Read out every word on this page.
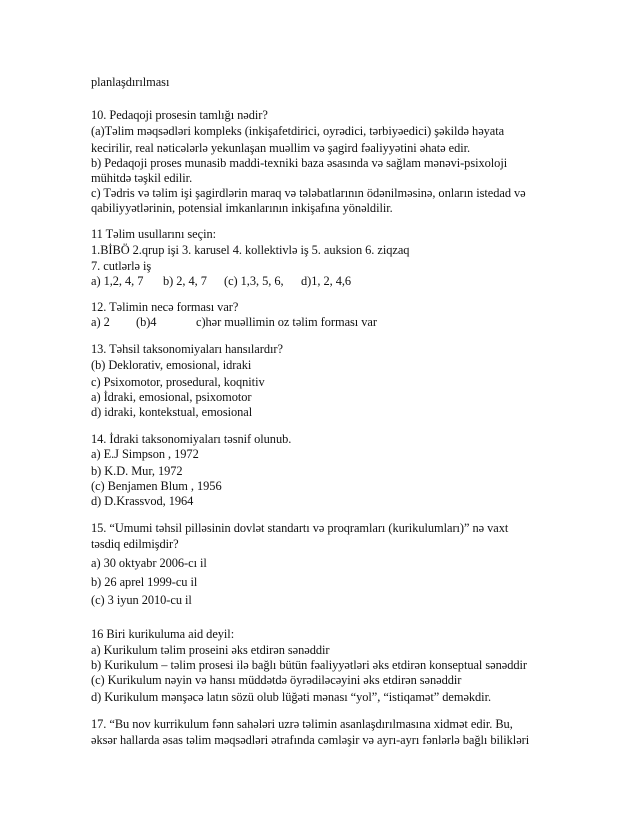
planlaşdırılması
10. Pedaqoji prosesin tamlığı nədir?
(a)Təlim məqsədləri kompleks (inkişafetdirici, oyrədici, tərbiyəedici) şəkildə həyata
kecirilir, real nəticələrlə yekunlaşan muəllim və şagird fəaliyyətini əhatə edir.
b) Pedaqoji proses munasib maddi-texniki baza əsasında və sağlam mənəvi-psixoloji
mühitdə təşkil edilir.
c) Tədris və təlim işi şagirdlərin maraq və tələbatlarının ödənilməsinə, onların istedad və
qabiliyyətlərinin, potensial imkanlarının inkişafına yönəldilir.
11 Təlim usullarını seçin:
1.BİBÖ 2.qrup işi 3. karusel 4. kollektivlə iş 5. auksion 6. ziqzaq
7. cutlərlə iş
a) 1,2, 4, 7 b) 2, 4, 7 (c) 1,3, 5, 6, d)1, 2, 4,6
12. Təlimin necə forması var?
a) 2 (b)4	c)hər muəllimin oz təlim forması var
13. Təhsil taksonomiyaları hansılardır?
(b) Deklorativ, emosional, idraki
c) Psixomotor, prosedural, koqnitiv
a) İdraki, emosional, psixomotor
d) idraki, kontekstual, emosional
14. İdraki taksonomiyaları təsnif olunub.
a) E.J Simpson , 1972
b) K.D. Mur, 1972
(c) Benjamen Blum , 1956
d) D.Krassvod, 1964
15. “Umumi təhsil pilləsinin dovlət standartı və proqramları (kurikulumları)” nə vaxt
təsdiq edilmişdir?
a) 30 oktyabr 2006-cı il
b) 26 aprel 1999-cu il
(c) 3 iyun 2010-cu il
16 Biri kurikuluma aid deyil:
a) Kurikulum təlim proseini əks etdirən sənəddir
b) Kurikulum – təlim prosesi ilə bağlı bütün fəaliyyətləri əks etdirən konseptual sənəddir
(c) Kurikulum nəyin və hansı müddətdə öyrədiləcəyini əks etdirən sənəddir
d) Kurikulum mənşəcə latın sözü olub lüğəti mənası “yol”, “istiqamət” deməkdir.
17. “Bu nov kurrikulum fənn sahələri uzrə təlimin asanlaşdırılmasına xidmət edir. Bu,
əksər hallarda əsas təlim məqsədləri ətrafında cəmləşir və ayrı-ayrı fənlərlə bağlı bilikləri
